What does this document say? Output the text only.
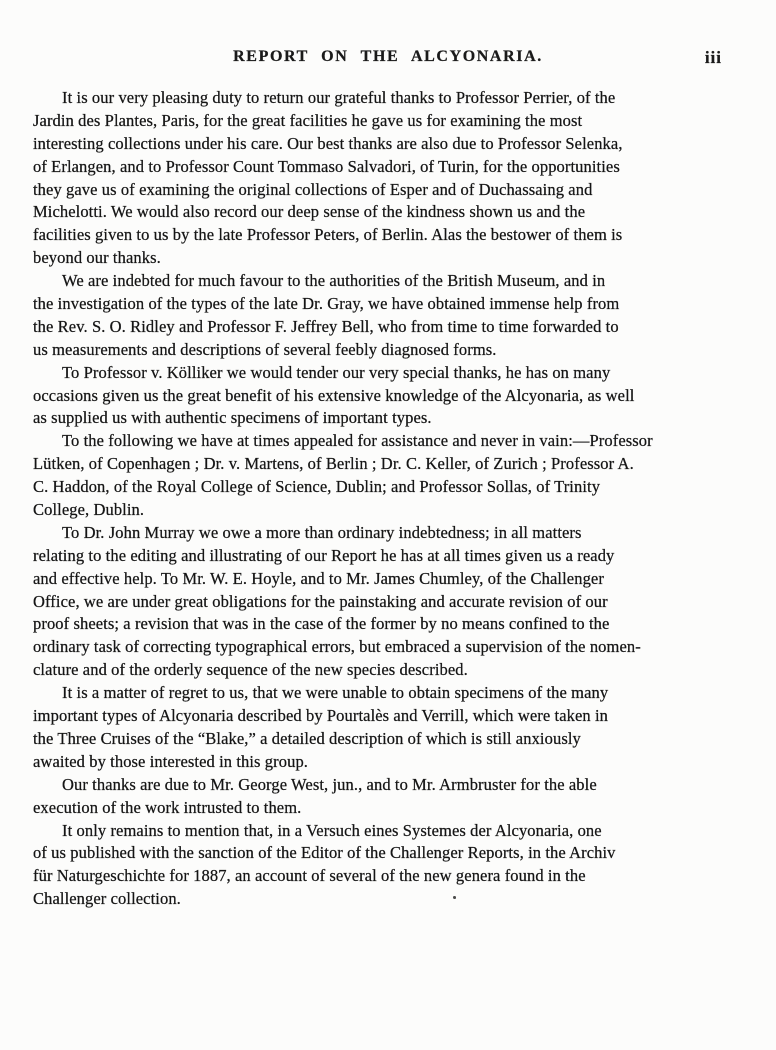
REPORT ON THE ALCYONARIA.	iii
It is our very pleasing duty to return our grateful thanks to Professor Perrier, of the
Jardin des Plantes, Paris, for the great facilities he gave us for examining the most
interesting collections under his care. Our best thanks are also due to Professor Selenka,
of Erlangen, and to Professor Count Tommaso Salvadori, of Turin, for the opportunities
they gave us of examining the original collections of Esper and of Duchassaing and
Michelotti. We would also record our deep sense of the kindness shown us and the
facilities given to us by the late Professor Peters, of Berlin. Alas the bestower of them is
beyond our thanks.
We are indebted for much favour to the authorities of the British Museum, and in
the investigation of the types of the late Dr. Gray, we have obtained immense help from
the Rev. S. O. Ridley and Professor F. Jeffrey Bell, who from time to time forwarded to
us measurements and descriptions of several feebly diagnosed forms.
To Professor v. Kölliker we would tender our very special thanks, he has on many
occasions given us the great benefit of his extensive knowledge of the Alcyonaria, as well
as supplied us with authentic specimens of important types.
To the following we have at times appealed for assistance and never in vain:—Professor
Lütken, of Copenhagen ; Dr. v. Martens, of Berlin ; Dr. C. Keller, of Zurich ; Professor A.
C. Haddon, of the Royal College of Science, Dublin; and Professor Sollas, of Trinity
College, Dublin.
To Dr. John Murray we owe a more than ordinary indebtedness; in all matters
relating to the editing and illustrating of our Report he has at all times given us a ready
and effective help. To Mr. W. E. Hoyle, and to Mr. James Chumley, of the Challenger
Office, we are under great obligations for the painstaking and accurate revision of our
proof sheets; a revision that was in the case of the former by no means confined to the
ordinary task of correcting typographical errors, but embraced a supervision of the nomen-
clature and of the orderly sequence of the new species described.
It is a matter of regret to us, that we were unable to obtain specimens of the many
important types of Alcyonaria described by Pourtalès and Verrill, which were taken in
the Three Cruises of the “Blake,” a detailed description of which is still anxiously
awaited by those interested in this group.
Our thanks are due to Mr. George West, jun., and to Mr. Armbruster for the able
execution of the work intrusted to them.
It only remains to mention that, in a Versuch eines Systemes der Alcyonaria, one
of us published with the sanction of the Editor of the Challenger Reports, in the Archiv
für Naturgeschichte for 1887, an account of several of the new genera found in the
Challenger collection.
